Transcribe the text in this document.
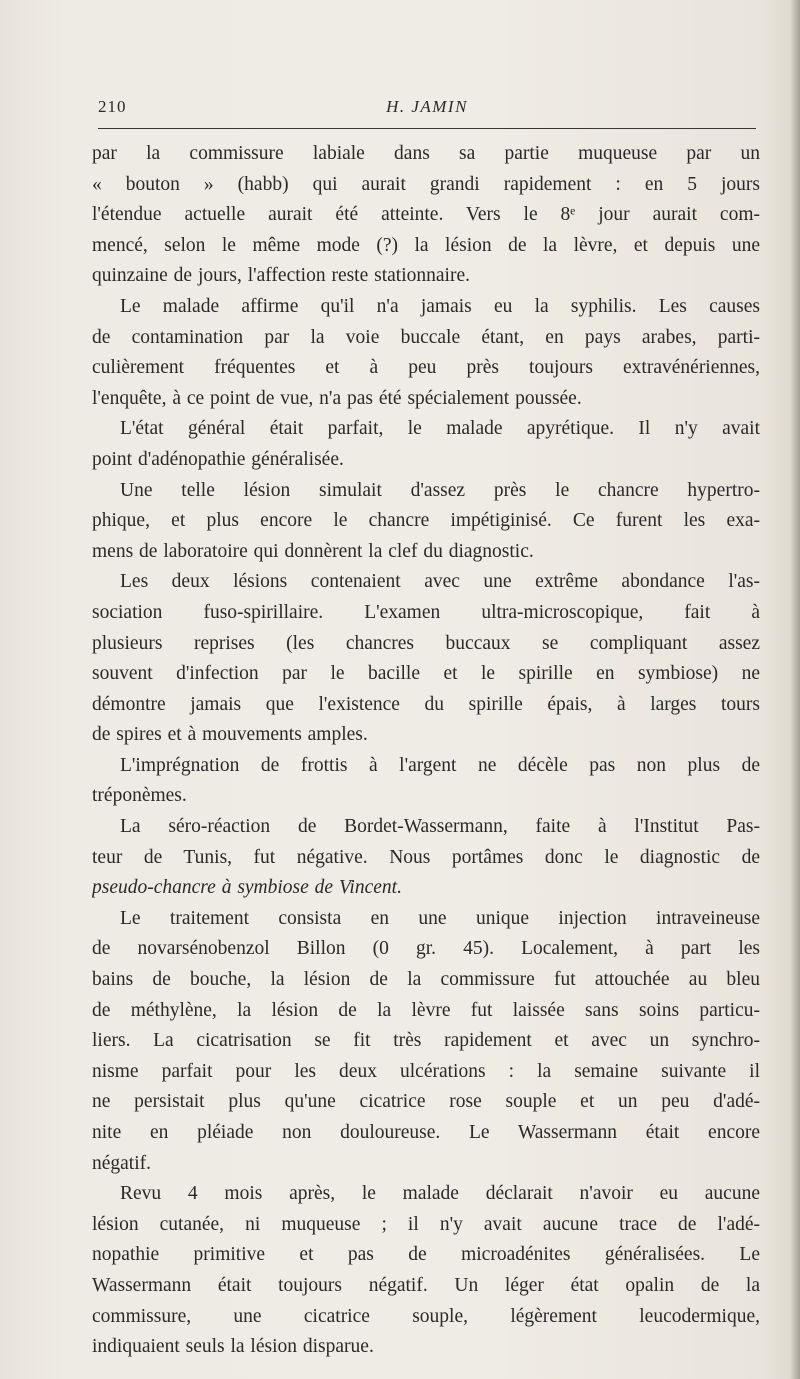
210	H. JAMIN
par la commissure labiale dans sa partie muqueuse par un
« bouton » (habb) qui aurait grandi rapidement : en 5 jours
l'étendue actuelle aurait été atteinte. Vers le 8ᵉ jour aurait com-
mencé, selon le même mode (?) la lésion de la lèvre, et depuis une
quinzaine de jours, l'affection reste stationnaire.
Le malade affirme qu'il n'a jamais eu la syphilis. Les causes
de contamination par la voie buccale étant, en pays arabes, parti-
culièrement fréquentes et à peu près toujours extravénériennes,
l'enquête, à ce point de vue, n'a pas été spécialement poussée.
L'état général était parfait, le malade apyrétique. Il n'y avait
point d'adénopathie généralisée.
Une telle lésion simulait d'assez près le chancre hypertro-
phique, et plus encore le chancre impétiginisé. Ce furent les exa-
mens de laboratoire qui donnèrent la clef du diagnostic.
Les deux lésions contenaient avec une extrême abondance l'as-
sociation fuso-spirillaire. L'examen ultra-microscopique, fait à
plusieurs reprises (les chancres buccaux se compliquant assez
souvent d'infection par le bacille et le spirille en symbiose) ne
démontre jamais que l'existence du spirille épais, à larges tours
de spires et à mouvements amples.
L'imprégnation de frottis à l'argent ne décèle pas non plus de
tréponèmes.
La séro-réaction de Bordet-Wassermann, faite à l'Institut Pas-
teur de Tunis, fut négative. Nous portâmes donc le diagnostic de
pseudo-chancre à symbiose de Vincent.
Le traitement consista en une unique injection intraveineuse
de novarsénobenzol Billon (0 gr. 45). Localement, à part les
bains de bouche, la lésion de la commissure fut attouchée au bleu
de méthylène, la lésion de la lèvre fut laissée sans soins particu-
liers. La cicatrisation se fit très rapidement et avec un synchro-
nisme parfait pour les deux ulcérations : la semaine suivante il
ne persistait plus qu'une cicatrice rose souple et un peu d'adé-
nite en pléiade non douloureuse. Le Wassermann était encore
négatif.
Revu 4 mois après, le malade déclarait n'avoir eu aucune
lésion cutanée, ni muqueuse ; il n'y avait aucune trace de l'adé-
nopathie primitive et pas de microadénites généralisées. Le
Wassermann était toujours négatif. Un léger état opalin de la
commissure, une cicatrice souple, légèrement leucodermique,
indiquaient seuls la lésion disparue.
